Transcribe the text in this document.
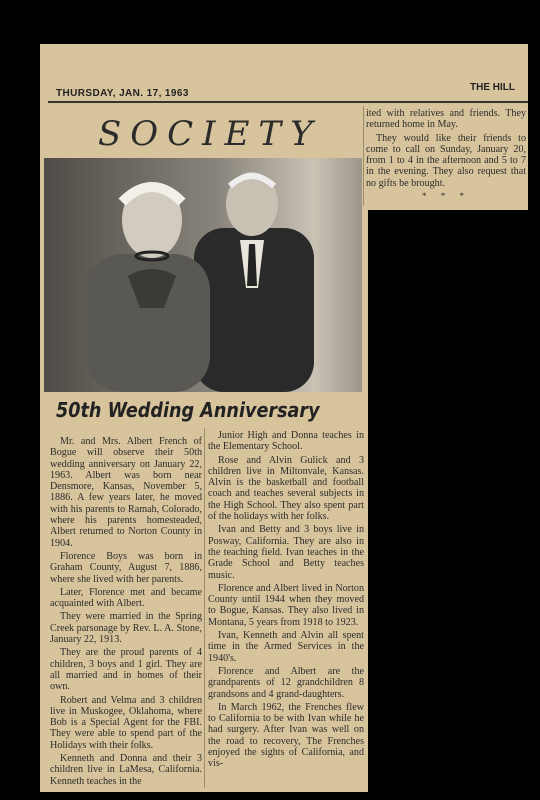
THURSDAY, JAN. 17, 1963
THE HILL
SOCIETY
50th Wedding Anniversary

Mr. and Mrs. Albert French of Bogue will observe their 50th wedding anniversary on January 22, 1963. Albert was born near Densmore, Kansas, November 5, 1886. A few years later, he moved with his parents to Ramah, Colorado, where his parents homesteaded, Albert returned to Norton County in 1904.

Florence Boys was born in Graham County, August 7, 1886, where she lived with her parents.

Later, Florence met and became acquainted with Albert.

They were married in the Spring Creek parsonage by Rev. L. A. Stone, January 22, 1913.

They are the proud parents of 4 children, 3 boys and 1 girl. They are all married and in homes of their own.

Robert and Velma and 3 children live in Muskogee, Oklahoma, where Bob is a Special Agent for the FBI. They were able to spend part of the Holidays with their folks.

Kenneth and Donna and their 3 children live in LaMesa, California. Kenneth teaches in the

Junior High and Donna teaches in the Elementary School.

Rose and Alvin Gulick and 3 children live in Miltonvale, Kansas. Alvin is the basketball and football coach and teaches several subjects in the High School. They also spent part of the holidays with her folks.

Ivan and Betty and 3 boys live in Posway, California. They are also in the teaching field. Ivan teaches in the Grade School and Betty teaches music.

Florence and Albert lived in Norton County until 1944 when they moved to Bogue, Kansas. They also lived in Montana, 5 years from 1918 to 1923.

Ivan, Kenneth and Alvin all spent time in the Armed Services in the 1940's.

Florence and Albert are the grandparents of 12 grandchildren 8 grandsons and 4 grand-daughters.

In March 1962, the Frenches flew to California to be with Ivan while he had surgery. After Ivan was well on the road to recovery, The Frenches enjoyed the sights of California, and vis-

ited with relatives and friends. They returned home in May.

They would like their friends to come to call on Sunday, January 20, from 1 to 4 in the afternoon and 5 to 7 in the evening. They also request that no gifts be brought.

* * *
